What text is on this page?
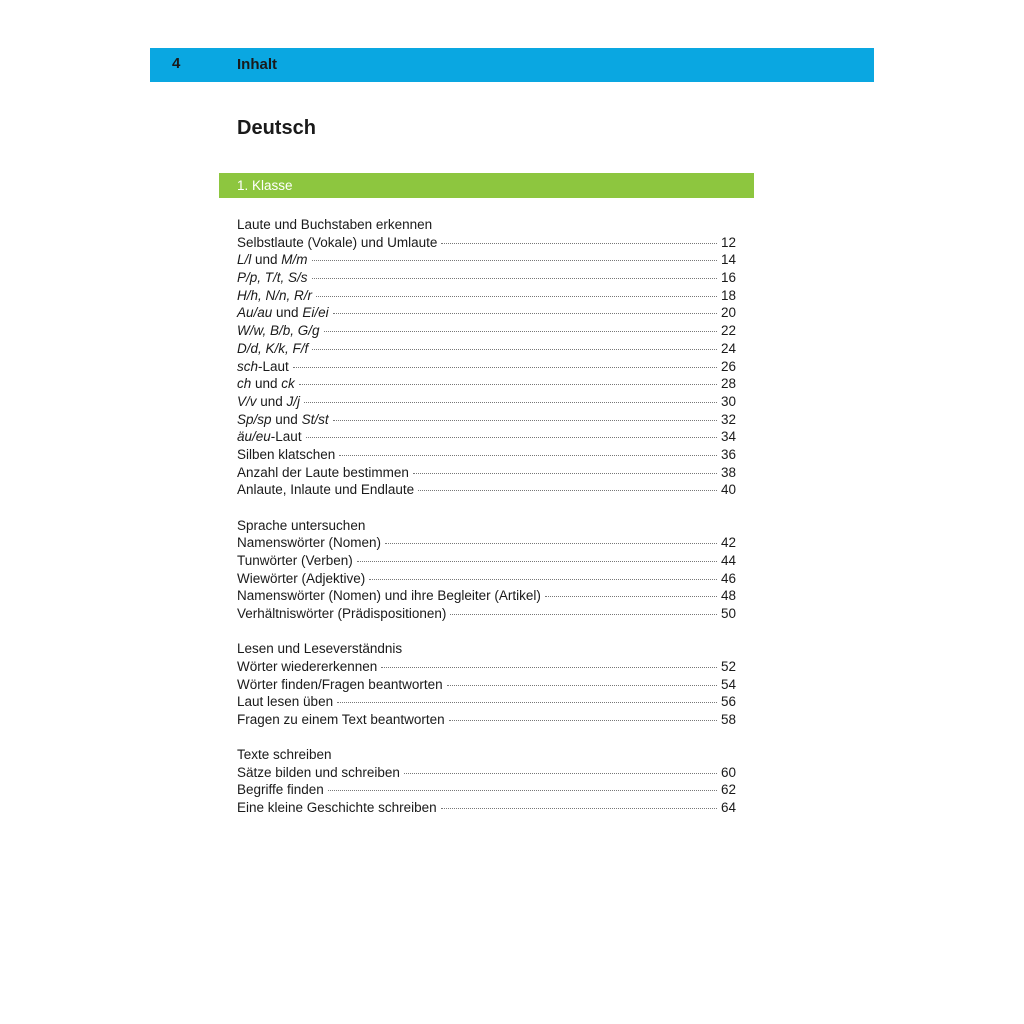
4	Inhalt
Deutsch
1. Klasse
Laute und Buchstaben erkennen
Selbstlaute (Vokale) und Umlaute	12
L/l und M/m	14
P/p, T/t, S/s	16
H/h, N/n, R/r	18
Au/au und Ei/ei	20
W/w, B/b, G/g	22
D/d, K/k, F/f	24
sch-Laut	26
ch und ck	28
V/v und J/j	30
Sp/sp und St/st	32
äu/eu-Laut	34
Silben klatschen	36
Anzahl der Laute bestimmen	38
Anlaute, Inlaute und Endlaute	40
Sprache untersuchen
Namenswörter (Nomen)	42
Tunwörter (Verben)	44
Wiewörter (Adjektive)	46
Namenswörter (Nomen) und ihre Begleiter (Artikel)	48
Verhältniswörter (Prädispositionen)	50
Lesen und Leseverständnis
Wörter wiedererkennen	52
Wörter finden/Fragen beantworten	54
Laut lesen üben	56
Fragen zu einem Text beantworten	58
Texte schreiben
Sätze bilden und schreiben	60
Begriffe finden	62
Eine kleine Geschichte schreiben	64
